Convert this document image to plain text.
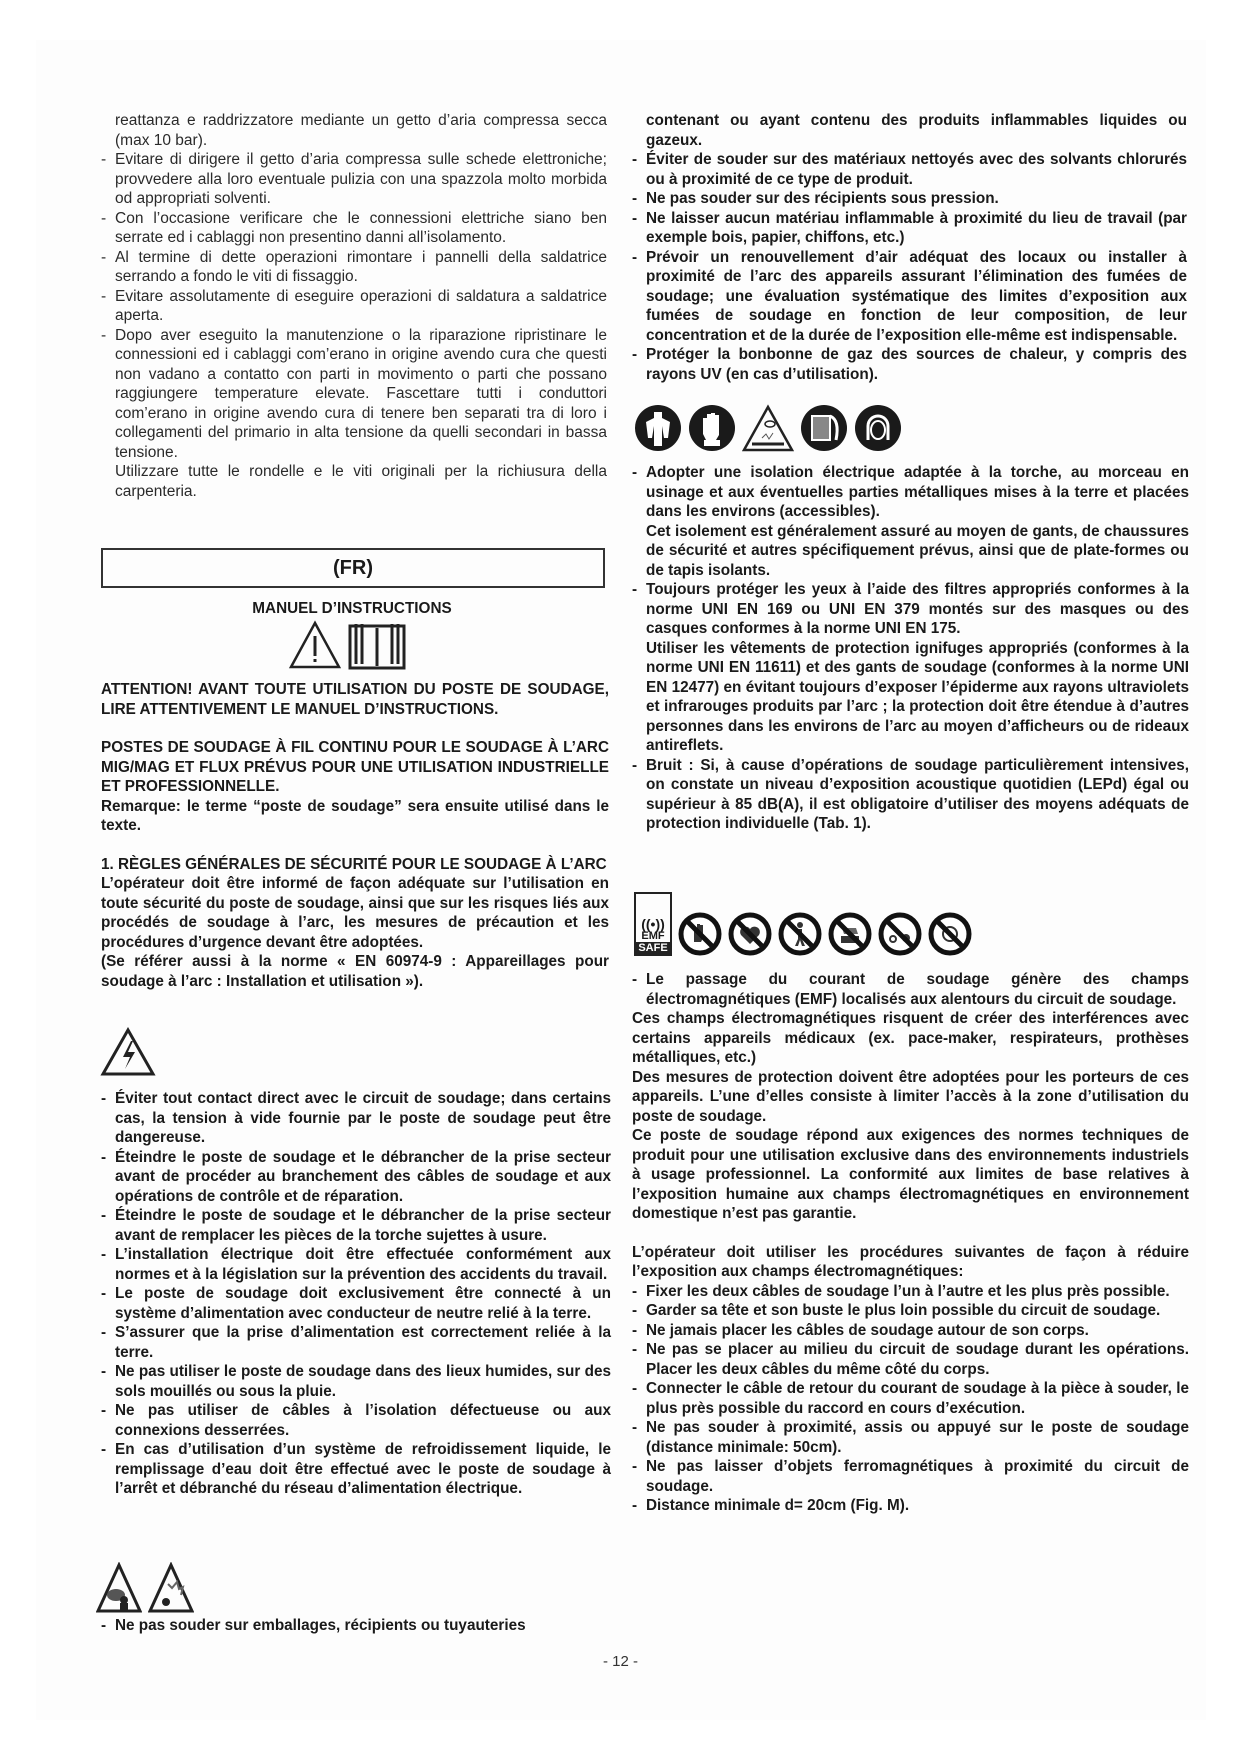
reattanza e raddrizzatore mediante un getto d’aria compressa secca (max 10 bar).
- Evitare di dirigere il getto d’aria compressa sulle schede elettroniche; provvedere alla loro eventuale pulizia con una spazzola molto morbida od appropriati solventi.
- Con l’occasione verificare che le connessioni elettriche siano ben serrate ed i cablaggi non presentino danni all’isolamento.
- Al termine di dette operazioni rimontare i pannelli della saldatrice serrando a fondo le viti di fissaggio.
- Evitare assolutamente di eseguire operazioni di saldatura a saldatrice aperta.
- Dopo aver eseguito la manutenzione o la riparazione ripristinare le connessioni ed i cablaggi com’erano in origine avendo cura che questi non vadano a contatto con parti in movimento o parti che possano raggiungere temperature elevate. Fascettare tutti i conduttori com’erano in origine avendo cura di tenere ben separati tra di loro i collegamenti del primario in alta tensione da quelli secondari in bassa tensione.
Utilizzare tutte le rondelle e le viti originali per la richiusura della carpenteria.
(FR)
MANUEL D’INSTRUCTIONS
ATTENTION! AVANT TOUTE UTILISATION DU POSTE DE SOUDAGE, LIRE ATTENTIVEMENT LE MANUEL D’INSTRUCTIONS.
POSTES DE SOUDAGE À FIL CONTINU POUR LE SOUDAGE À L’ARC MIG/MAG ET FLUX PRÉVUS POUR UNE UTILISATION INDUSTRIELLE ET PROFESSIONNELLE.
Remarque: le terme “poste de soudage” sera ensuite utilisé dans le texte.
1. RÈGLES GÉNÉRALES DE SÉCURITÉ POUR LE SOUDAGE À L’ARC
L’opérateur doit être informé de façon adéquate sur l’utilisation en toute sécurité du poste de soudage, ainsi que sur les risques liés aux procédés de soudage à l’arc, les mesures de précaution et les procédures d’urgence devant être adoptées.
(Se référer aussi à la norme « EN 60974-9 : Appareillages pour soudage à l’arc : Installation et utilisation »).
- Éviter tout contact direct avec le circuit de soudage; dans certains cas, la tension à vide fournie par le poste de soudage peut être dangereuse.
- Éteindre le poste de soudage et le débrancher de la prise secteur avant de procéder au branchement des câbles de soudage et aux opérations de contrôle et de réparation.
- Éteindre le poste de soudage et le débrancher de la prise secteur avant de remplacer les pièces de la torche sujettes à usure.
- L’installation électrique doit être effectuée conformément aux normes et à la législation sur la prévention des accidents du travail.
- Le poste de soudage doit exclusivement être connecté à un système d’alimentation avec conducteur de neutre relié à la terre.
- S’assurer que la prise d’alimentation est correctement reliée à la terre.
- Ne pas utiliser le poste de soudage dans des lieux humides, sur des sols mouillés ou sous la pluie.
- Ne pas utiliser de câbles à l’isolation défectueuse ou aux connexions desserrées.
- En cas d’utilisation d’un système de refroidissement liquide, le remplissage d’eau doit être effectué avec le poste de soudage à l’arrêt et débranché du réseau d’alimentation électrique.
- Ne pas souder sur emballages, récipients ou tuyauteries
contenant ou ayant contenu des produits inflammables liquides ou gazeux.
- Éviter de souder sur des matériaux nettoyés avec des solvants chlorurés ou à proximité de ce type de produit.
- Ne pas souder sur des récipients sous pression.
- Ne laisser aucun matériau inflammable à proximité du lieu de travail (par exemple bois, papier, chiffons, etc.)
- Prévoir un renouvellement d’air adéquat des locaux ou installer à proximité de l’arc des appareils assurant l’élimination des fumées de soudage; une évaluation systématique des limites d’exposition aux fumées de soudage en fonction de leur composition, de leur concentration et de la durée de l’exposition elle-même est indispensable.
- Protéger la bonbonne de gaz des sources de chaleur, y compris des rayons UV (en cas d’utilisation).
- Adopter une isolation électrique adaptée à la torche, au morceau en usinage et aux éventuelles parties métalliques mises à la terre et placées dans les environs (accessibles).
Cet isolement est généralement assuré au moyen de gants, de chaussures de sécurité et autres spécifiquement prévus, ainsi que de plate-formes ou de tapis isolants.
- Toujours protéger les yeux à l’aide des filtres appropriés conformes à la norme UNI EN 169 ou UNI EN 379 montés sur des masques ou des casques conformes à la norme UNI EN 175.
Utiliser les vêtements de protection ignifuges appropriés (conformes à la norme UNI EN 11611) et des gants de soudage (conformes à la norme UNI EN 12477) en évitant toujours d’exposer l’épiderme aux rayons ultraviolets et infrarouges produits par l’arc ; la protection doit être étendue à d’autres personnes dans les environs de l’arc au moyen d’afficheurs ou de rideaux antireflets.
- Bruit : Si, à cause d’opérations de soudage particulièrement intensives, on constate un niveau d’exposition acoustique quotidien (LEPd) égal ou supérieur à 85 dB(A), il est obligatoire d’utiliser des moyens adéquats de protection individuelle (Tab. 1).
((•))
EMF
SAFE
- Le passage du courant de soudage génère des champs électromagnétiques (EMF) localisés aux alentours du circuit de soudage.
Ces champs électromagnétiques risquent de créer des interférences avec certains appareils médicaux (ex. pace-maker, respirateurs, prothèses métalliques, etc.)
Des mesures de protection doivent être adoptées pour les porteurs de ces appareils. L’une d’elles consiste à limiter l’accès à la zone d’utilisation du poste de soudage.
Ce poste de soudage répond aux exigences des normes techniques de produit pour une utilisation exclusive dans des environnements industriels à usage professionnel. La conformité aux limites de base relatives à l’exposition humaine aux champs électromagnétiques en environnement domestique n’est pas garantie.
L’opérateur doit utiliser les procédures suivantes de façon à réduire l’exposition aux champs électromagnétiques:
- Fixer les deux câbles de soudage l’un à l’autre et les plus près possible.
- Garder sa tête et son buste le plus loin possible du circuit de soudage.
- Ne jamais placer les câbles de soudage autour de son corps.
- Ne pas se placer au milieu du circuit de soudage durant les opérations. Placer les deux câbles du même côté du corps.
- Connecter le câble de retour du courant de soudage à la pièce à souder, le plus près possible du raccord en cours d’exécution.
- Ne pas souder à proximité, assis ou appuyé sur le poste de soudage (distance minimale: 50cm).
- Ne pas laisser d’objets ferromagnétiques à proximité du circuit de soudage.
- Distance minimale d= 20cm (Fig. M).
- 12 -
